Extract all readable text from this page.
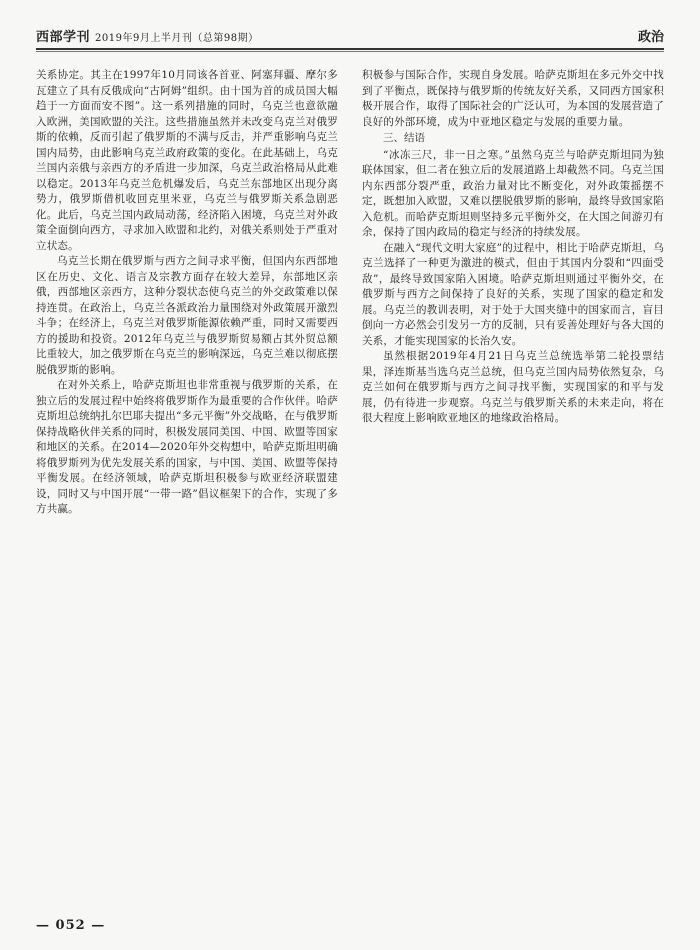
西部学刊 2019年9月上半月刊（总第98期）	政治

关系协定。其主在1997年10月同该各首亚、阿塞拜疆、摩尔多瓦建立了具有反俄成向“古阿姆”组织。由十国为首的成员国大幅趋于一方面而安不图”。这一系列措施的同时，乌克兰也意欲融入欧洲，美国欧盟的关注。这些措施虽然并未改变乌克兰对俄罗斯的依赖，反而引起了俄罗斯的不满与反击，并严重影响乌克兰国内局势，由此影响乌克兰政府政策的变化。在此基础上，乌克兰国内亲俄与亲西方的矛盾进一步加深，乌克兰政治格局从此难以稳定。2013年乌克兰危机爆发后，乌克兰东部地区出现分离势力，俄罗斯借机收回克里米亚，乌克兰与俄罗斯关系急剧恶化。此后，乌克兰国内政局动荡，经济陷入困境，乌克兰对外政策全面倒向西方，寻求加入欧盟和北约，对俄关系则处于严重对立状态。

乌克兰长期在俄罗斯与西方之间寻求平衡，但国内东西部地区在历史、文化、语言及宗教方面存在较大差异，东部地区亲俄，西部地区亲西方，这种分裂状态使乌克兰的外交政策难以保持连贯。在政治上，乌克兰各派政治力量围绕对外政策展开激烈斗争；在经济上，乌克兰对俄罗斯能源依赖严重，同时又需要西方的援助和投资。2012年乌克兰与俄罗斯贸易额占其外贸总额比重较大，加之俄罗斯在乌克兰的影响深远，乌克兰难以彻底摆脱俄罗斯的影响。

在对外关系上，哈萨克斯坦也非常重视与俄罗斯的关系，在独立后的发展过程中始终将俄罗斯作为最重要的合作伙伴。哈萨克斯坦总统纳扎尔巴耶夫提出“多元平衡”外交战略，在与俄罗斯保持战略伙伴关系的同时，积极发展同美国、中国、欧盟等国家和地区的关系。在2014—2020年外交构想中，哈萨克斯坦明确将俄罗斯列为优先发展关系的国家，与中国、美国、欧盟等保持平衡发展。在经济领域，哈萨克斯坦积极参与欧亚经济联盟建设，同时又与中国开展“一带一路”倡议框架下的合作，实现了多方共赢。

积极参与国际合作，实现自身发展。哈萨克斯坦在多元外交中找到了平衡点，既保持与俄罗斯的传统友好关系，又同西方国家积极开展合作，取得了国际社会的广泛认可，为本国的发展营造了良好的外部环境，成为中亚地区稳定与发展的重要力量。

三、结语

“冰冻三尺，非一日之寒。”虽然乌克兰与哈萨克斯坦同为独联体国家，但二者在独立后的发展道路上却截然不同。乌克兰国内东西部分裂严重，政治力量对比不断变化，对外政策摇摆不定，既想加入欧盟，又难以摆脱俄罗斯的影响，最终导致国家陷入危机。而哈萨克斯坦则坚持多元平衡外交，在大国之间游刃有余，保持了国内政局的稳定与经济的持续发展。

在融入“现代文明大家庭”的过程中，相比于哈萨克斯坦，乌克兰选择了一种更为激进的模式，但由于其国内分裂和“四面受敌”，最终导致国家陷入困境。哈萨克斯坦则通过平衡外交，在俄罗斯与西方之间保持了良好的关系，实现了国家的稳定和发展。乌克兰的教训表明，对于处于大国夹缝中的国家而言，盲目倒向一方必然会引发另一方的反制，只有妥善处理好与各大国的关系，才能实现国家的长治久安。

虽然根据2019年4月21日乌克兰总统选举第二轮投票结果，泽连斯基当选乌克兰总统，但乌克兰国内局势依然复杂，乌克兰如何在俄罗斯与西方之间寻找平衡，实现国家的和平与发展，仍有待进一步观察。乌克兰与俄罗斯关系的未来走向，将在很大程度上影响欧亚地区的地缘政治格局。

— 052 —
